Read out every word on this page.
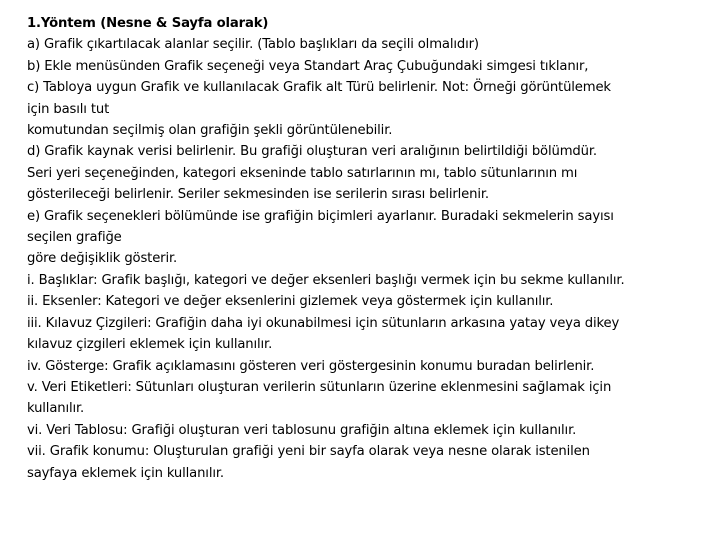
1.Yöntem (Nesne & Sayfa olarak)
a) Grafik çıkartılacak alanlar seçilir. (Tablo başlıkları da seçili olmalıdır)
b) Ekle menüsünden Grafik seçeneği veya Standart Araç Çubuğundaki simgesi tıklanır,
c) Tabloya uygun Grafik ve kullanılacak Grafik alt Türü belirlenir. Not: Örneği görüntülemek
için basılı tut
komutundan seçilmiş olan grafiğin şekli görüntülenebilir.
d) Grafik kaynak verisi belirlenir. Bu grafiği oluşturan veri aralığının belirtildiği bölümdür.
Seri yeri seçeneğinden, kategori ekseninde tablo satırlarının mı, tablo sütunlarının mı
gösterileceği belirlenir. Seriler sekmesinden ise serilerin sırası belirlenir.
e) Grafik seçenekleri bölümünde ise grafiğin biçimleri ayarlanır. Buradaki sekmelerin sayısı
seçilen grafiğe
göre değişiklik gösterir.
i. Başlıklar: Grafik başlığı, kategori ve değer eksenleri başlığı vermek için bu sekme kullanılır.
ii. Eksenler: Kategori ve değer eksenlerini gizlemek veya göstermek için kullanılır.
iii. Kılavuz Çizgileri: Grafiğin daha iyi okunabilmesi için sütunların arkasına yatay veya dikey
kılavuz çizgileri eklemek için kullanılır.
iv. Gösterge: Grafik açıklamasını gösteren veri göstergesinin konumu buradan belirlenir.
v. Veri Etiketleri: Sütunları oluşturan verilerin sütunların üzerine eklenmesini sağlamak için
kullanılır.
vi. Veri Tablosu: Grafiği oluşturan veri tablosunu grafiğin altına eklemek için kullanılır.
vii. Grafik konumu: Oluşturulan grafiği yeni bir sayfa olarak veya nesne olarak istenilen
sayfaya eklemek için kullanılır.
